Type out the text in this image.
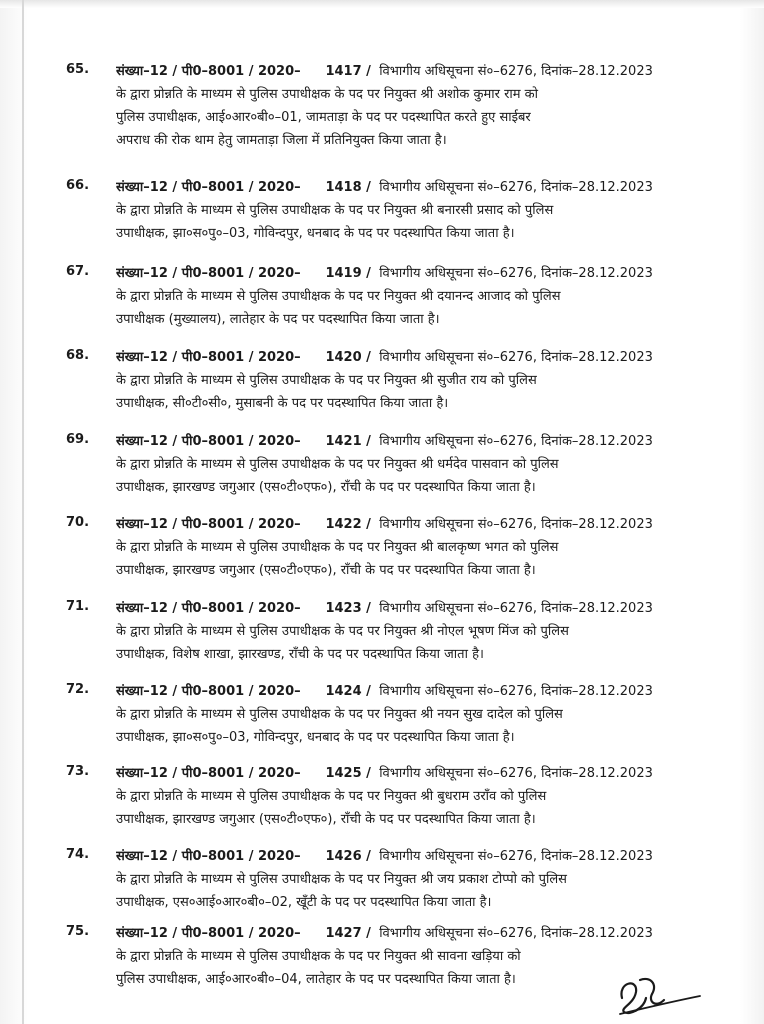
65. संख्या–12 / पी0–8001 / 2020– 1417 / विभागीय अधिसूचना सं०–6276, दिनांक–28.12.2023
के द्वारा प्रोन्नति के माध्यम से पुलिस उपाधीक्षक के पद पर नियुक्त श्री अशोक कुमार राम को
पुलिस उपाधीक्षक, आई०आर०बी०–01, जामताड़ा के पद पर पदस्थापित करते हुए साईबर
अपराध की रोक थाम हेतु जामताड़ा जिला में प्रतिनियुक्त किया जाता है।
66. संख्या–12 / पी0–8001 / 2020– 1418 / विभागीय अधिसूचना सं०–6276, दिनांक–28.12.2023
के द्वारा प्रोन्नति के माध्यम से पुलिस उपाधीक्षक के पद पर नियुक्त श्री बनारसी प्रसाद को पुलिस
उपाधीक्षक, झा०स०पु०–03, गोविन्दपुर, धनबाद के पद पर पदस्थापित किया जाता है।
67. संख्या–12 / पी0–8001 / 2020– 1419 / विभागीय अधिसूचना सं०–6276, दिनांक–28.12.2023
के द्वारा प्रोन्नति के माध्यम से पुलिस उपाधीक्षक के पद पर नियुक्त श्री दयानन्द आजाद को पुलिस
उपाधीक्षक (मुख्यालय), लातेहार के पद पर पदस्थापित किया जाता है।
68. संख्या–12 / पी0–8001 / 2020– 1420 / विभागीय अधिसूचना सं०–6276, दिनांक–28.12.2023
के द्वारा प्रोन्नति के माध्यम से पुलिस उपाधीक्षक के पद पर नियुक्त श्री सुजीत राय को पुलिस
उपाधीक्षक, सी०टी०सी०, मुसाबनी के पद पर पदस्थापित किया जाता है।
69. संख्या–12 / पी0–8001 / 2020– 1421 / विभागीय अधिसूचना सं०–6276, दिनांक–28.12.2023
के द्वारा प्रोन्नति के माध्यम से पुलिस उपाधीक्षक के पद पर नियुक्त श्री धर्मदेव पासवान को पुलिस
उपाधीक्षक, झारखण्ड जगुआर (एस०टी०एफ०), राँची के पद पर पदस्थापित किया जाता है।
70. संख्या–12 / पी0–8001 / 2020– 1422 / विभागीय अधिसूचना सं०–6276, दिनांक–28.12.2023
के द्वारा प्रोन्नति के माध्यम से पुलिस उपाधीक्षक के पद पर नियुक्त श्री बालकृष्ण भगत को पुलिस
उपाधीक्षक, झारखण्ड जगुआर (एस०टी०एफ०), राँची के पद पर पदस्थापित किया जाता है।
71. संख्या–12 / पी0–8001 / 2020– 1423 / विभागीय अधिसूचना सं०–6276, दिनांक–28.12.2023
के द्वारा प्रोन्नति के माध्यम से पुलिस उपाधीक्षक के पद पर नियुक्त श्री नोएल भूषण मिंज को पुलिस
उपाधीक्षक, विशेष शाखा, झारखण्ड, राँची के पद पर पदस्थापित किया जाता है।
72. संख्या–12 / पी0–8001 / 2020– 1424 / विभागीय अधिसूचना सं०–6276, दिनांक–28.12.2023
के द्वारा प्रोन्नति के माध्यम से पुलिस उपाधीक्षक के पद पर नियुक्त श्री नयन सुख दादेल को पुलिस
उपाधीक्षक, झा०स०पु०–03, गोविन्दपुर, धनबाद के पद पर पदस्थापित किया जाता है।
73. संख्या–12 / पी0–8001 / 2020– 1425 / विभागीय अधिसूचना सं०–6276, दिनांक–28.12.2023
के द्वारा प्रोन्नति के माध्यम से पुलिस उपाधीक्षक के पद पर नियुक्त श्री बुधराम उराँव को पुलिस
उपाधीक्षक, झारखण्ड जगुआर (एस०टी०एफ०), राँची के पद पर पदस्थापित किया जाता है।
74. संख्या–12 / पी0–8001 / 2020– 1426 / विभागीय अधिसूचना सं०–6276, दिनांक–28.12.2023
के द्वारा प्रोन्नति के माध्यम से पुलिस उपाधीक्षक के पद पर नियुक्त श्री जय प्रकाश टोप्पो को पुलिस
उपाधीक्षक, एस०आई०आर०बी०–02, खूँटी के पद पर पदस्थापित किया जाता है।
75. संख्या–12 / पी0–8001 / 2020– 1427 / विभागीय अधिसूचना सं०–6276, दिनांक–28.12.2023
के द्वारा प्रोन्नति के माध्यम से पुलिस उपाधीक्षक के पद पर नियुक्त श्री सावना खड़िया को
पुलिस उपाधीक्षक, आई०आर०बी०–04, लातेहार के पद पर पदस्थापित किया जाता है।
